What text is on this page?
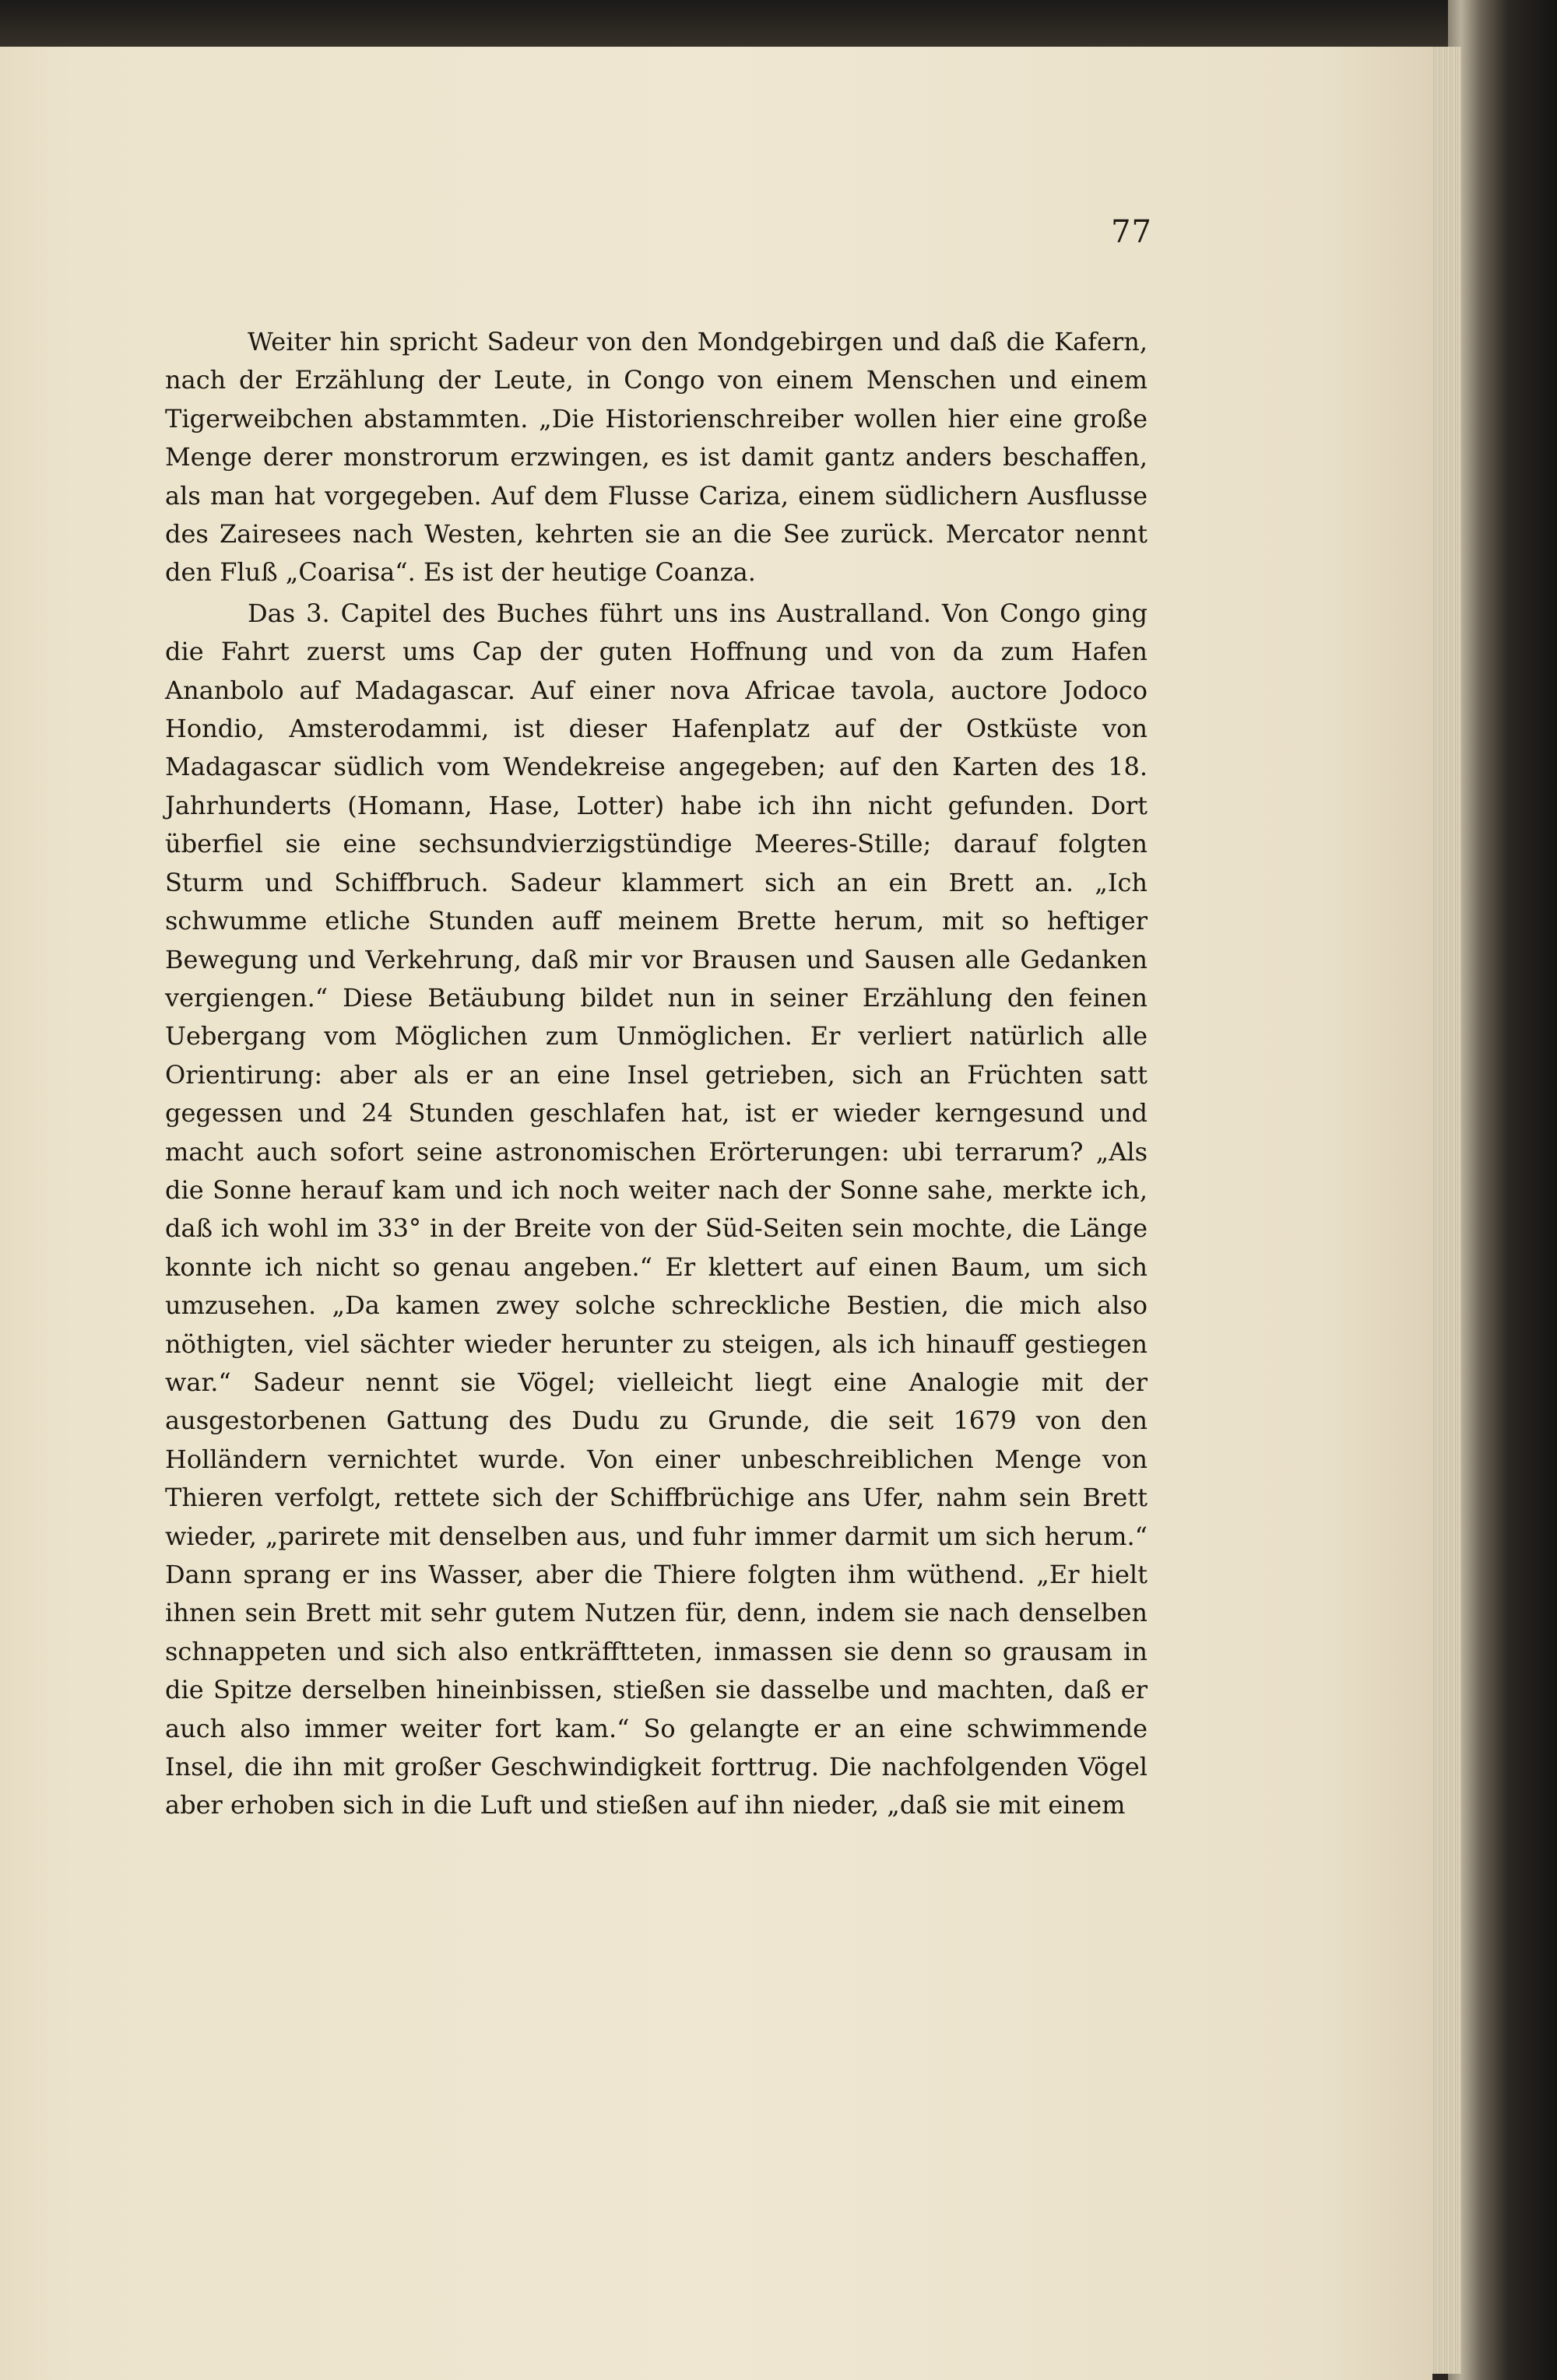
77

Weiter hin spricht Sadeur von den Mondgebirgen und daß die Kafern, nach der Erzählung der Leute, in Congo von einem Menschen und einem Tigerweibchen abstammten. „Die Historienschreiber wollen hier eine große Menge derer monstrorum erzwingen, es ist damit gantz anders beschaffen, als man hat vorgegeben. Auf dem Flusse Cariza, einem südlichern Ausflusse des Zairesees nach Westen, kehrten sie an die See zurück. Mercator nennt den Fluß „Coarisa“. Es ist der heutige Coanza.

Das 3. Capitel des Buches führt uns ins Australland. Von Congo ging die Fahrt zuerst ums Cap der guten Hoffnung und von da zum Hafen Ananbolo auf Madagascar. Auf einer nova Africae tavola, auctore Jodoco Hondio, Amsterodammi, ist dieser Hafenplatz auf der Ostküste von Madagascar südlich vom Wendekreise angegeben; auf den Karten des 18. Jahrhunderts (Homann, Hase, Lotter) habe ich ihn nicht gefunden. Dort überfiel sie eine sechsundvierzigstündige Meeres-Stille; darauf folgten Sturm und Schiffbruch. Sadeur klammert sich an ein Brett an. „Ich schwumme etliche Stunden auff meinem Brette herum, mit so heftiger Bewegung und Verkehrung, daß mir vor Brausen und Sausen alle Gedanken vergiengen.“ Diese Betäubung bildet nun in seiner Erzählung den feinen Uebergang vom Möglichen zum Unmöglichen. Er verliert natürlich alle Orientirung: aber als er an eine Insel getrieben, sich an Früchten satt gegessen und 24 Stunden geschlafen hat, ist er wieder kerngesund und macht auch sofort seine astronomischen Erörterungen: ubi terrarum? „Als die Sonne herauf kam und ich noch weiter nach der Sonne sahe, merkte ich, daß ich wohl im 33° in der Breite von der Süd-Seiten sein mochte, die Länge konnte ich nicht so genau angeben.“ Er klettert auf einen Baum, um sich umzusehen. „Da kamen zwey solche schreckliche Bestien, die mich also nöthigten, viel sächter wieder herunter zu steigen, als ich hinauff gestiegen war.“ Sadeur nennt sie Vögel; vielleicht liegt eine Analogie mit der ausgestorbenen Gattung des Dudu zu Grunde, die seit 1679 von den Holländern vernichtet wurde. Von einer unbeschreiblichen Menge von Thieren verfolgt, rettete sich der Schiffbrüchige ans Ufer, nahm sein Brett wieder, „parirete mit denselben aus, und fuhr immer darmit um sich herum.“ Dann sprang er ins Wasser, aber die Thiere folgten ihm wüthend. „Er hielt ihnen sein Brett mit sehr gutem Nutzen für, denn, indem sie nach denselben schnappeten und sich also entkräfftteten, inmassen sie denn so grausam in die Spitze derselben hineinbissen, stießen sie dasselbe und machten, daß er auch also immer weiter fort kam.“ So gelangte er an eine schwimmende Insel, die ihn mit großer Geschwindigkeit forttrug. Die nachfolgenden Vögel aber erhoben sich in die Luft und stießen auf ihn nieder, „daß sie mit einem
